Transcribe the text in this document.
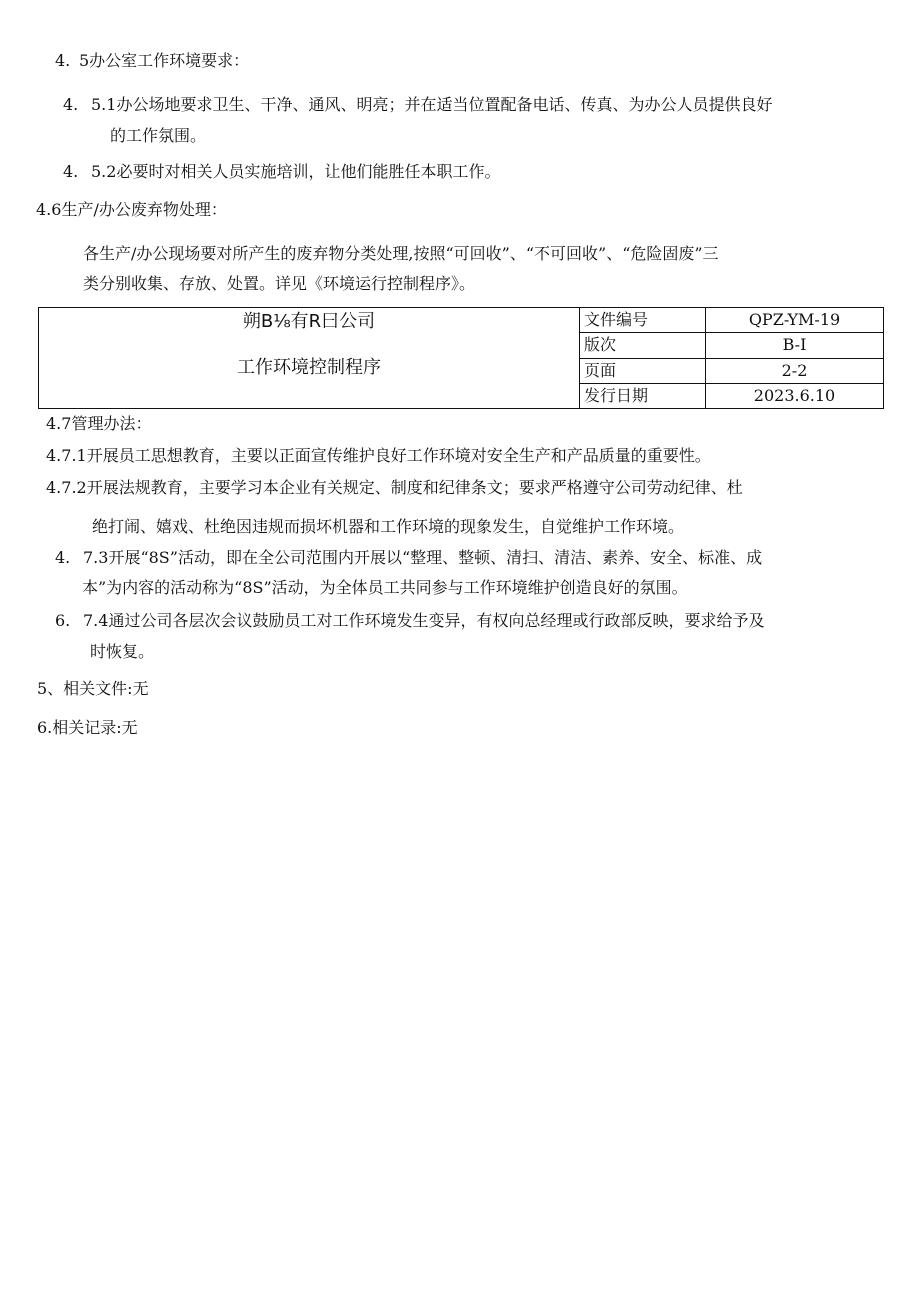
4. 5办公室工作环境要求：
4. 5.1办公场地要求卫生、干净、通风、明亮；并在适当位置配备电话、传真、为办公人员提供良好
的工作氛围。
4. 5.2必要时对相关人员实施培训，让他们能胜任本职工作。
4.6生产/办公废弃物处理：
各生产/办公现场要对所产生的废弃物分类处理,按照“可回收”、“不可回收”、“危险固废”三
类分别收集、存放、处置。详见《环境运行控制程序》。
朔B⅛有R曰公司
工作环境控制程序	文件编号	QPZ-YM-19
	版次	B-I
	页面	2-2
	发行日期	2023.6.10
4.7管理办法：
4.7.1开展员工思想教育，主要以正面宣传维护良好工作环境对安全生产和产品质量的重要性。
4.7.2开展法规教育，主要学习本企业有关规定、制度和纪律条文；要求严格遵守公司劳动纪律、杜
绝打闹、嬉戏、杜绝因违规而损坏机器和工作环境的现象发生，自觉维护工作环境。
4. 7.3开展“8S”活动，即在全公司范围内开展以“整理、整顿、清扫、清洁、素养、安全、标准、成
本”为内容的活动称为“8S”活动，为全体员工共同参与工作环境维护创造良好的氛围。
6. 7.4通过公司各层次会议鼓励员工对工作环境发生变异，有权向总经理或行政部反映，要求给予及
时恢复。
5、相关文件:无
6.相关记录:无
